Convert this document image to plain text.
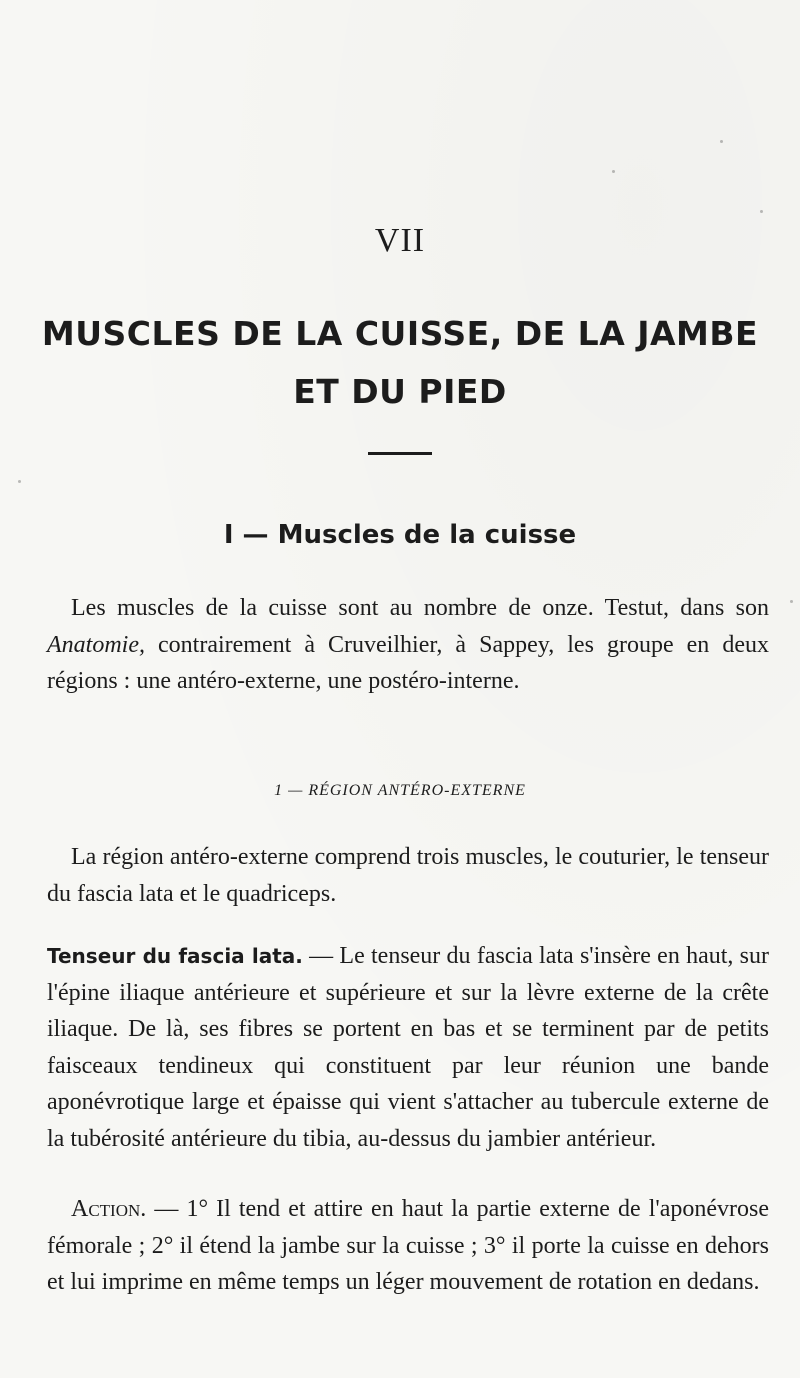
VII
MUSCLES DE LA CUISSE, DE LA JAMBE
ET DU PIED
I — Muscles de la cuisse

Les muscles de la cuisse sont au nombre de onze. Testut, dans son Anatomie, contrairement à Cruveilhier, à Sappey, les groupe en deux régions : une antéro-externe, une postéro-interne.

1 — RÉGION ANTÉRO-EXTERNE

La région antéro-externe comprend trois muscles, le couturier, le tenseur du fascia lata et le quadriceps.

Tenseur du fascia lata. — Le tenseur du fascia lata s'insère en haut, sur l'épine iliaque antérieure et supérieure et sur la lèvre externe de la crête iliaque. De là, ses fibres se portent en bas et se terminent par de petits faisceaux tendineux qui constituent par leur réunion une bande aponévrotique large et épaisse qui vient s'attacher au tubercule externe de la tubérosité antérieure du tibia, au-dessus du jambier antérieur.

Action. — 1° Il tend et attire en haut la partie externe de l'aponévrose fémorale ; 2° il étend la jambe sur la cuisse ; 3° il porte la cuisse en dehors et lui imprime en même temps un léger mouvement de rotation en dedans.
